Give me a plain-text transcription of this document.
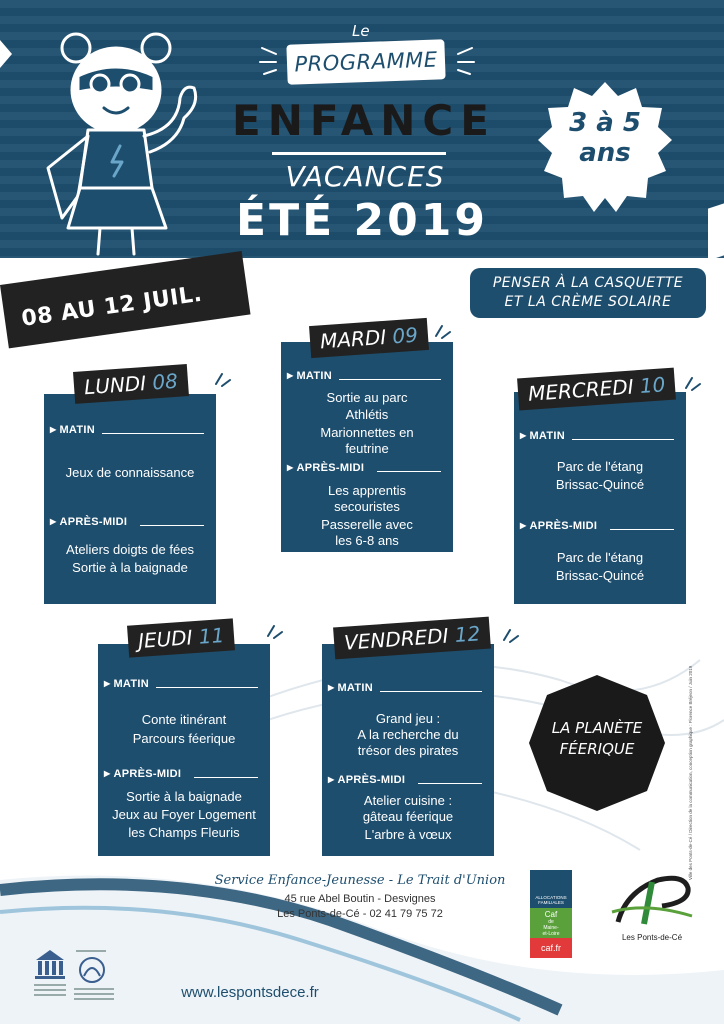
Le
PROGRAMME
ENFANCE
VACANCES
ÉTÉ 2019
3 à 5
ans
PENSER À LA CASQUETTE
ET LA CRÈME SOLAIRE
08 AU 12 JUIL.
▶ MATIN
Jeux de connaissance
▶ APRÈS-MIDI
Ateliers doigts de fées
Sortie à la baignade
LUNDI 08
▶	MATIN
Sortie au parc
Athlétis
Marionnettes en
feutrine
▶ APRÈS-MIDI
Les apprentis
secouristes
Passerelle avec
les 6-8 ans
MARDI 09
▶ MATIN
Parc de l'étang
Brissac-Quincé
▶ APRÈS-MIDI
Parc de l'étang
Brissac-Quincé
MERCREDI 10
▶ MATIN
Conte itinérant
Parcours féerique
▶ APRÈS-MIDI
Sortie à la baignade
Jeux au Foyer Logement
les Champs Fleuris
JEUDI 11
▶ MATIN
Grand jeu :
A la recherche du
trésor des pirates
▶ APRÈS-MIDI
Atelier cuisine :
gâteau féerique
L'arbre à vœux
VENDREDI 12
LA PLANÈTE
FÉERIQUE	Ville des Ponts-de-Cé / Direction de la communication, conception graphique : Florence Bréjeon / Juin 2019
Service Enfance-Jeunesse - Le Trait d'Union
45 rue Abel Boutin - Desvignes
Les Ponts-de-Cé - 02 41 79 75 72
www.lespontsdece.fr
ALLOCATIONS
FAMILIALES
Caf
de
Maine-
et-Loire
caf.fr
Les Ponts-de-Cé
